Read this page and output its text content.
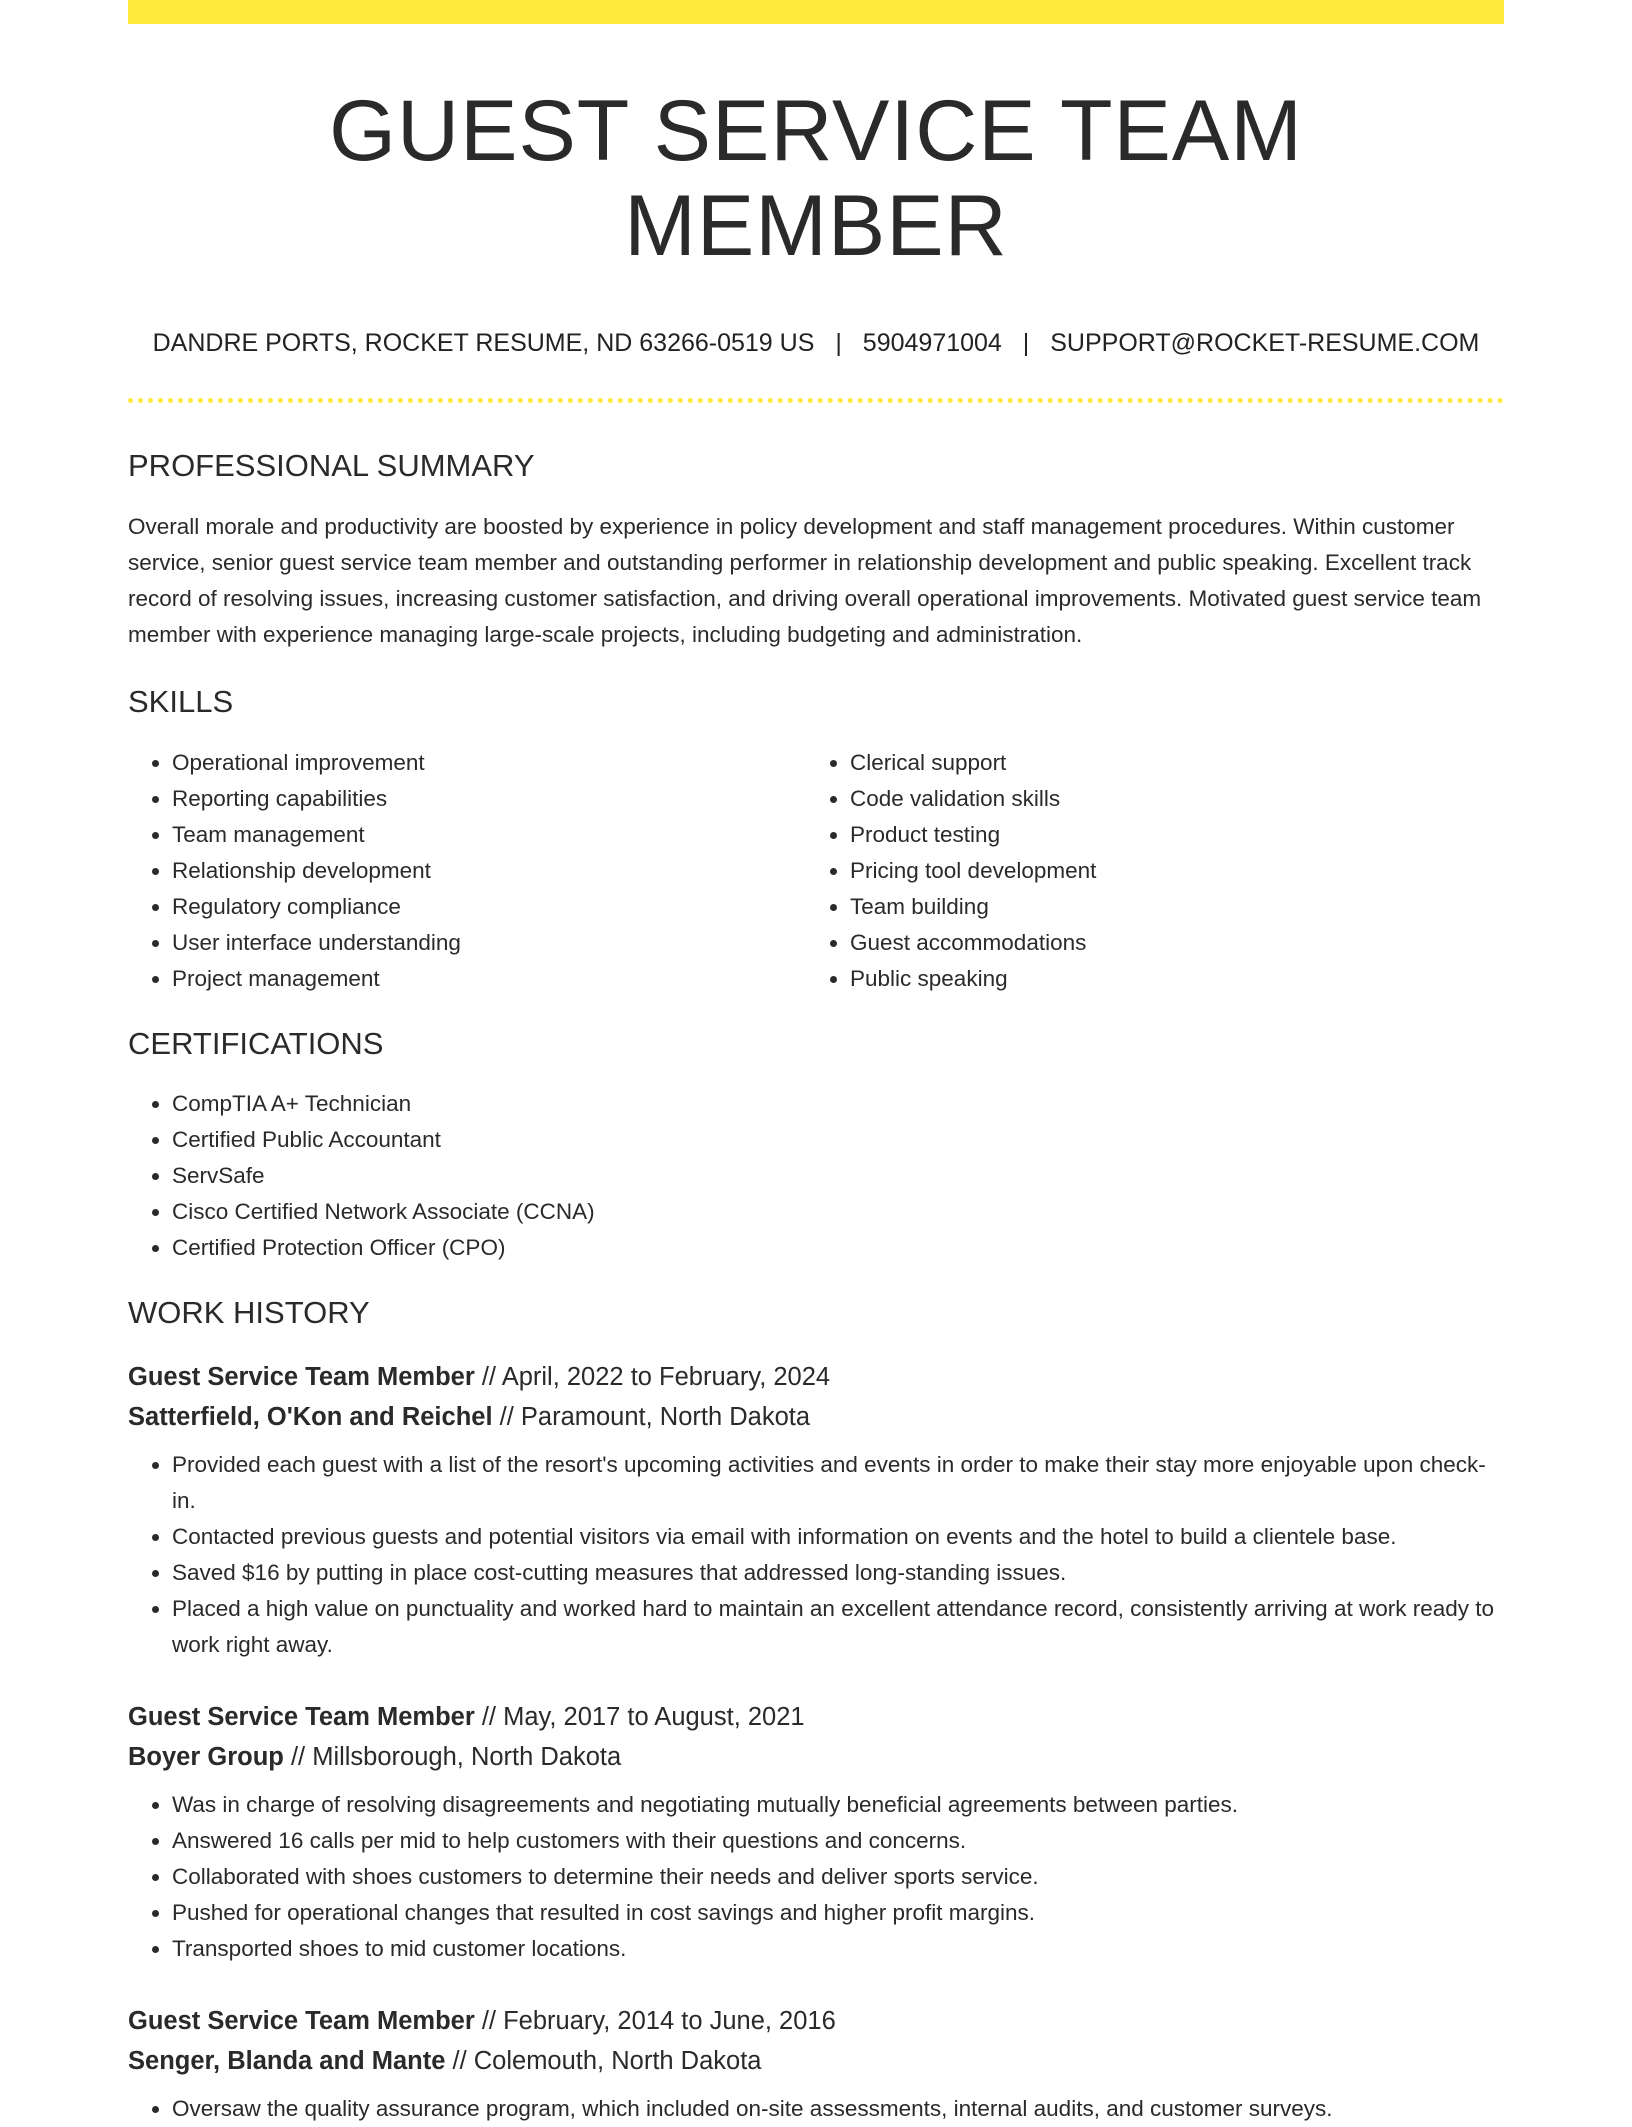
GUEST SERVICE TEAM MEMBER
DANDRE PORTS, ROCKET RESUME, ND 63266-0519 US | 5904971004 | SUPPORT@ROCKET-RESUME.COM
PROFESSIONAL SUMMARY

Overall morale and productivity are boosted by experience in policy development and staff management procedures. Within customer service, senior guest service team member and outstanding performer in relationship development and public speaking. Excellent track record of resolving issues, increasing customer satisfaction, and driving overall operational improvements. Motivated guest service team member with experience managing large-scale projects, including budgeting and administration.

SKILLS
• Operational improvement
• Reporting capabilities
• Team management
• Relationship development
• Regulatory compliance
• User interface understanding
• Project management
• Clerical support
• Code validation skills
• Product testing
• Pricing tool development
• Team building
• Guest accommodations
• Public speaking
CERTIFICATIONS
• CompTIA A+ Technician
• Certified Public Accountant
• ServSafe
• Cisco Certified Network Associate (CCNA)
• Certified Protection Officer (CPO)
WORK HISTORY
Guest Service Team Member // April, 2022 to February, 2024
Satterfield, O'Kon and Reichel // Paramount, North Dakota
• Provided each guest with a list of the resort's upcoming activities and events in order to make their stay more enjoyable upon check-in.
• Contacted previous guests and potential visitors via email with information on events and the hotel to build a clientele base.
• Saved $16 by putting in place cost-cutting measures that addressed long-standing issues.
• Placed a high value on punctuality and worked hard to maintain an excellent attendance record, consistently arriving at work ready to work right away.
Guest Service Team Member // May, 2017 to August, 2021
Boyer Group // Millsborough, North Dakota
• Was in charge of resolving disagreements and negotiating mutually beneficial agreements between parties.
• Answered 16 calls per mid to help customers with their questions and concerns.
• Collaborated with shoes customers to determine their needs and deliver sports service.
• Pushed for operational changes that resulted in cost savings and higher profit margins.
• Transported shoes to mid customer locations.
Guest Service Team Member // February, 2014 to June, 2016
Senger, Blanda and Mante // Colemouth, North Dakota
• Oversaw the quality assurance program, which included on-site assessments, internal audits, and customer surveys.
